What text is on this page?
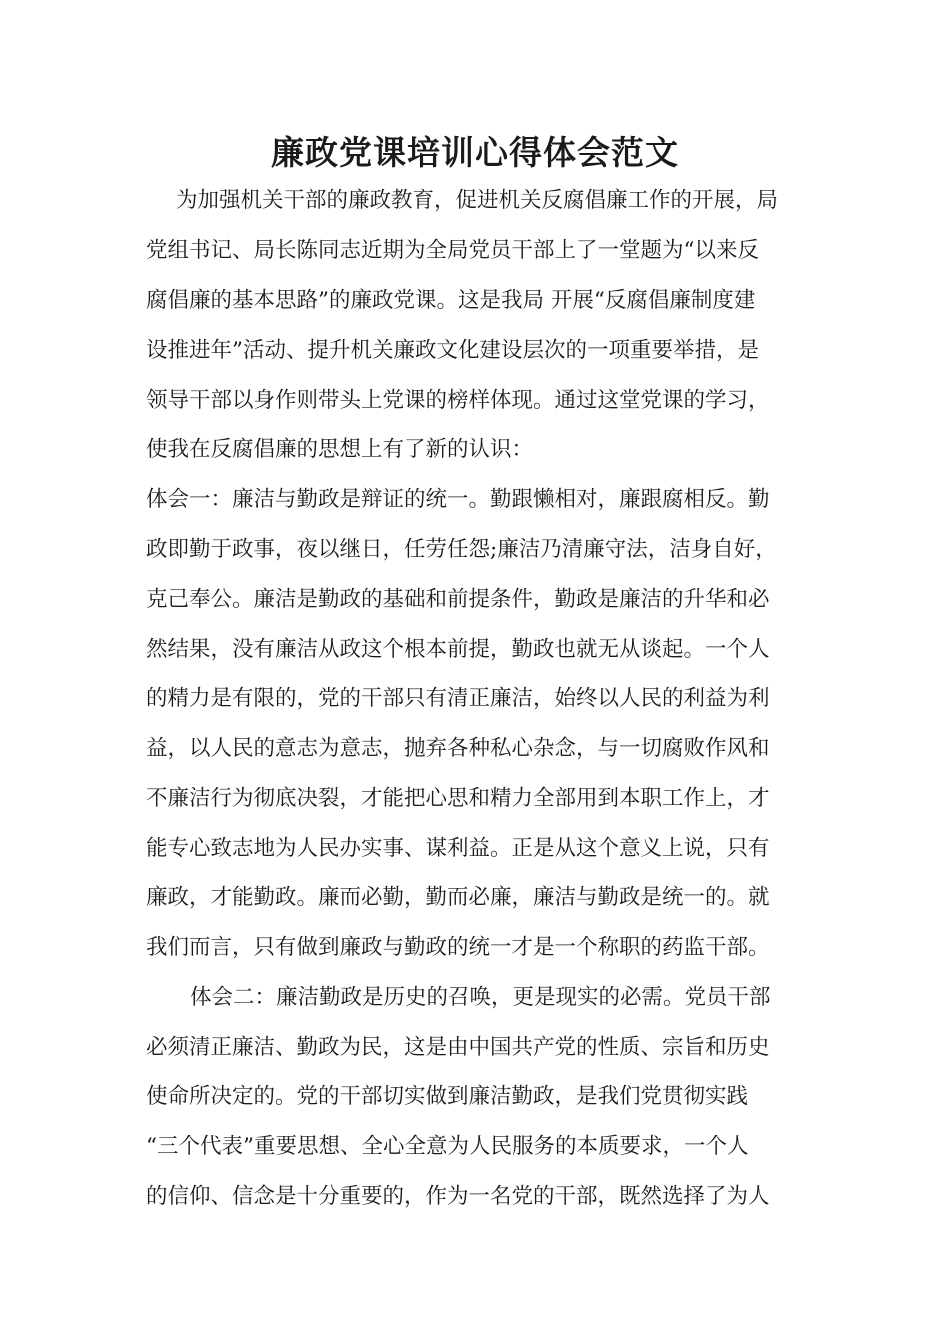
廉政党课培训心得体会范文
为加强机关干部的廉政教育，促进机关反腐倡廉工作的开展，局
党组书记、局长陈同志近期为全局党员干部上了一堂题为“以来反
腐倡廉的基本思路”的廉政党课。这是我局 开展“反腐倡廉制度建
设推进年”活动、提升机关廉政文化建设层次的一项重要举措，是
领导干部以身作则带头上党课的榜样体现。通过这堂党课的学习，
使我在反腐倡廉的思想上有了新的认识：
体会一：廉洁与勤政是辩证的统一。勤跟懒相对，廉跟腐相反。勤
政即勤于政事，夜以继日，任劳任怨;廉洁乃清廉守法，洁身自好，
克己奉公。廉洁是勤政的基础和前提条件，勤政是廉洁的升华和必
然结果，没有廉洁从政这个根本前提，勤政也就无从谈起。一个人
的精力是有限的，党的干部只有清正廉洁，始终以人民的利益为利
益，以人民的意志为意志，抛弃各种私心杂念，与一切腐败作风和
不廉洁行为彻底决裂，才能把心思和精力全部用到本职工作上，才
能专心致志地为人民办实事、谋利益。正是从这个意义上说，只有
廉政，才能勤政。廉而必勤，勤而必廉，廉洁与勤政是统一的。就
我们而言，只有做到廉政与勤政的统一才是一个称职的药监干部。
体会二：廉洁勤政是历史的召唤，更是现实的必需。党员干部
必须清正廉洁、勤政为民，这是由中国共产党的性质、宗旨和历史
使命所决定的。党的干部切实做到廉洁勤政，是我们党贯彻实践
“三个代表”重要思想、全心全意为人民服务的本质要求，一个人
的信仰、信念是十分重要的，作为一名党的干部，既然选择了为人
